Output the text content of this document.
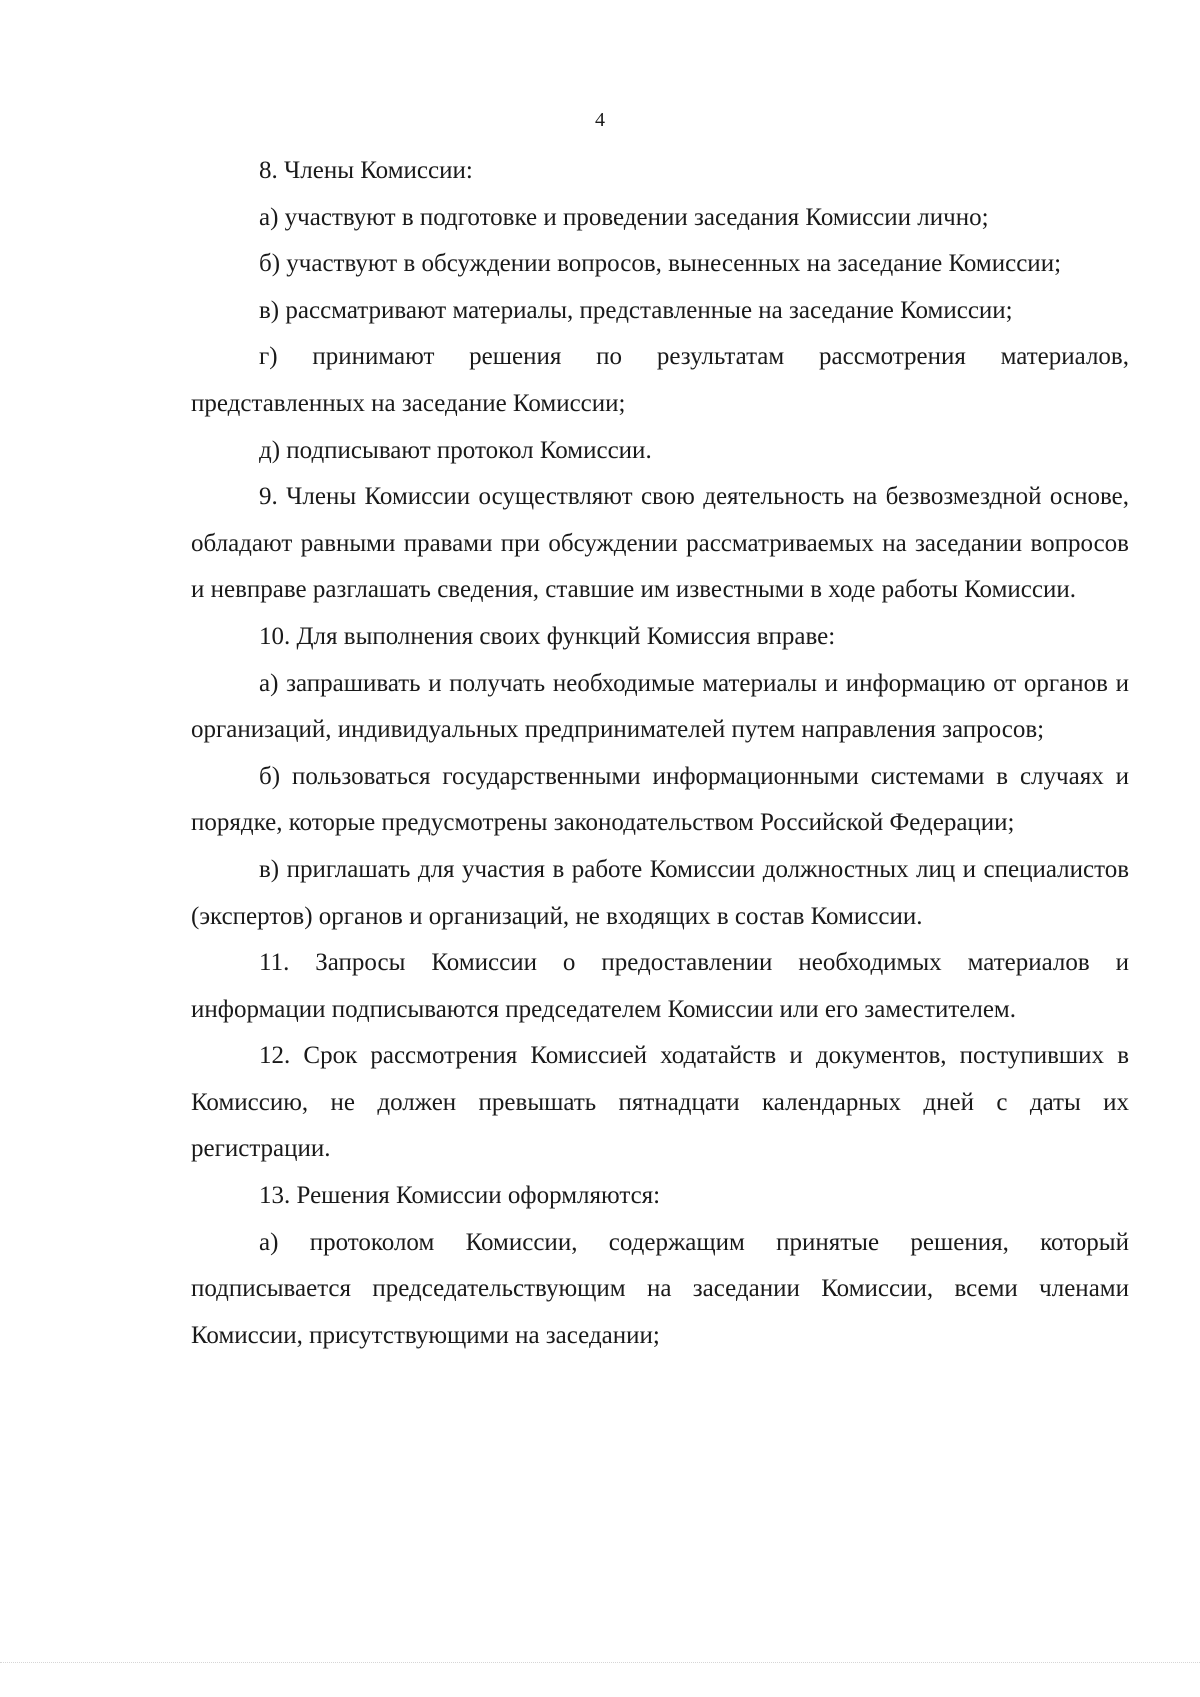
4

8. Члены Комиссии:

а) участвуют в подготовке и проведении заседания Комиссии лично;

б) участвуют в обсуждении вопросов, вынесенных на заседание Комиссии;

в) рассматривают материалы, представленные на заседание Комиссии;

г) принимают решения по результатам рассмотрения материалов, представленных на заседание Комиссии;

д) подписывают протокол Комиссии.

9. Члены Комиссии осуществляют свою деятельность на безвозмездной основе, обладают равными правами при обсуждении рассматриваемых на заседании вопросов и невправе разглашать сведения, ставшие им известными в ходе работы Комиссии.

10. Для выполнения своих функций Комиссия вправе:

а) запрашивать и получать необходимые материалы и информацию от органов и организаций, индивидуальных предпринимателей путем направления запросов;

б) пользоваться государственными информационными системами в случаях и порядке, которые предусмотрены законодательством Российской Федерации;

в) приглашать для участия в работе Комиссии должностных лиц и специалистов (экспертов) органов и организаций, не входящих в состав Комиссии.

11. Запросы Комиссии о предоставлении необходимых материалов и информации подписываются председателем Комиссии или его заместителем.

12. Срок рассмотрения Комиссией ходатайств и документов, поступивших в Комиссию, не должен превышать пятнадцати календарных дней с даты их регистрации.

13. Решения Комиссии оформляются:

а) протоколом Комиссии, содержащим принятые решения, который подписывается председательствующим на заседании Комиссии, всеми членами Комиссии, присутствующими на заседании;
